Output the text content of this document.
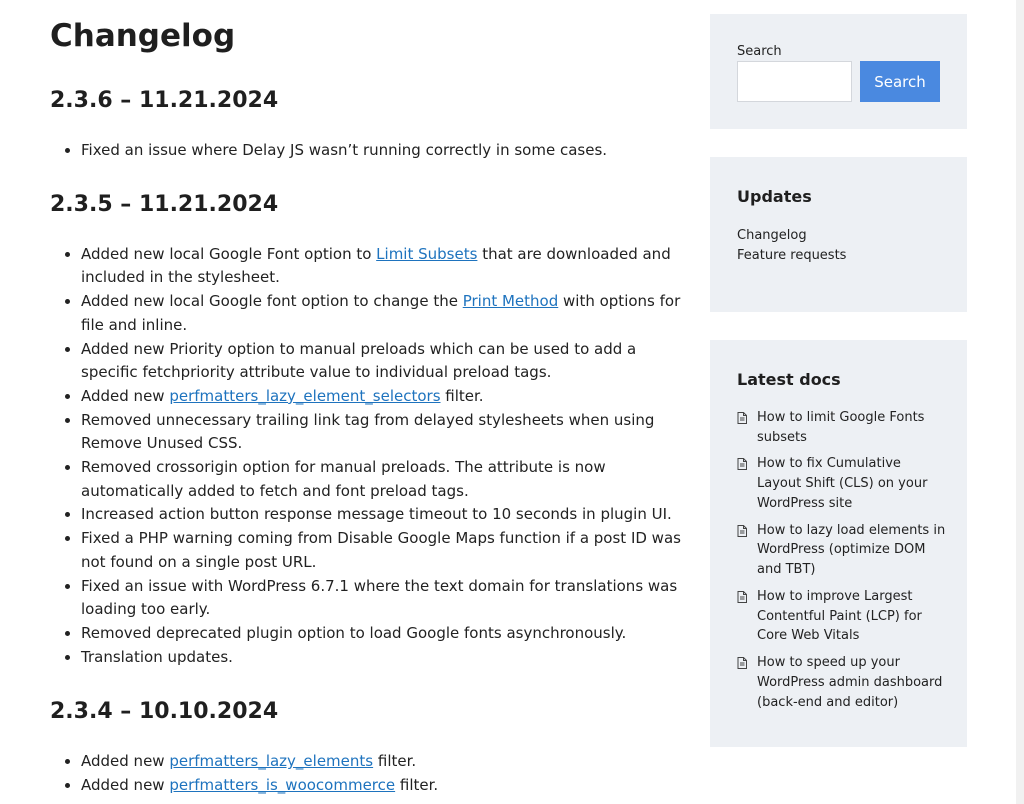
Changelog
2.3.6 – 11.21.2024
• Fixed an issue where Delay JS wasn’t running correctly in some cases.
2.3.5 – 11.21.2024
• Added new local Google Font option to Limit Subsets that are downloaded and included in the stylesheet.
• Added new local Google font option to change the Print Method with options for file and inline.
• Added new Priority option to manual preloads which can be used to add a specific fetchpriority attribute value to individual preload tags.
• Added new perfmatters_lazy_element_selectors filter.
• Removed unnecessary trailing link tag from delayed stylesheets when using Remove Unused CSS.
• Removed crossorigin option for manual preloads. The attribute is now automatically added to fetch and font preload tags.
• Increased action button response message timeout to 10 seconds in plugin UI.
• Fixed a PHP warning coming from Disable Google Maps function if a post ID was not found on a single post URL.
• Fixed an issue with WordPress 6.7.1 where the text domain for translations was loading too early.
• Removed deprecated plugin option to load Google fonts asynchronously.
• Translation updates.
2.3.4 – 10.10.2024
• Added new perfmatters_lazy_elements filter.
• Added new perfmatters_is_woocommerce filter.
Search
Search
Updates
Changelog
Feature requests
Latest docs
How to limit Google Fonts subsets
How to fix Cumulative Layout Shift (CLS) on your WordPress site
How to lazy load elements in WordPress (optimize DOM and TBT)
How to improve Largest Contentful Paint (LCP) for Core Web Vitals
How to speed up your WordPress admin dashboard (back-end and editor)
